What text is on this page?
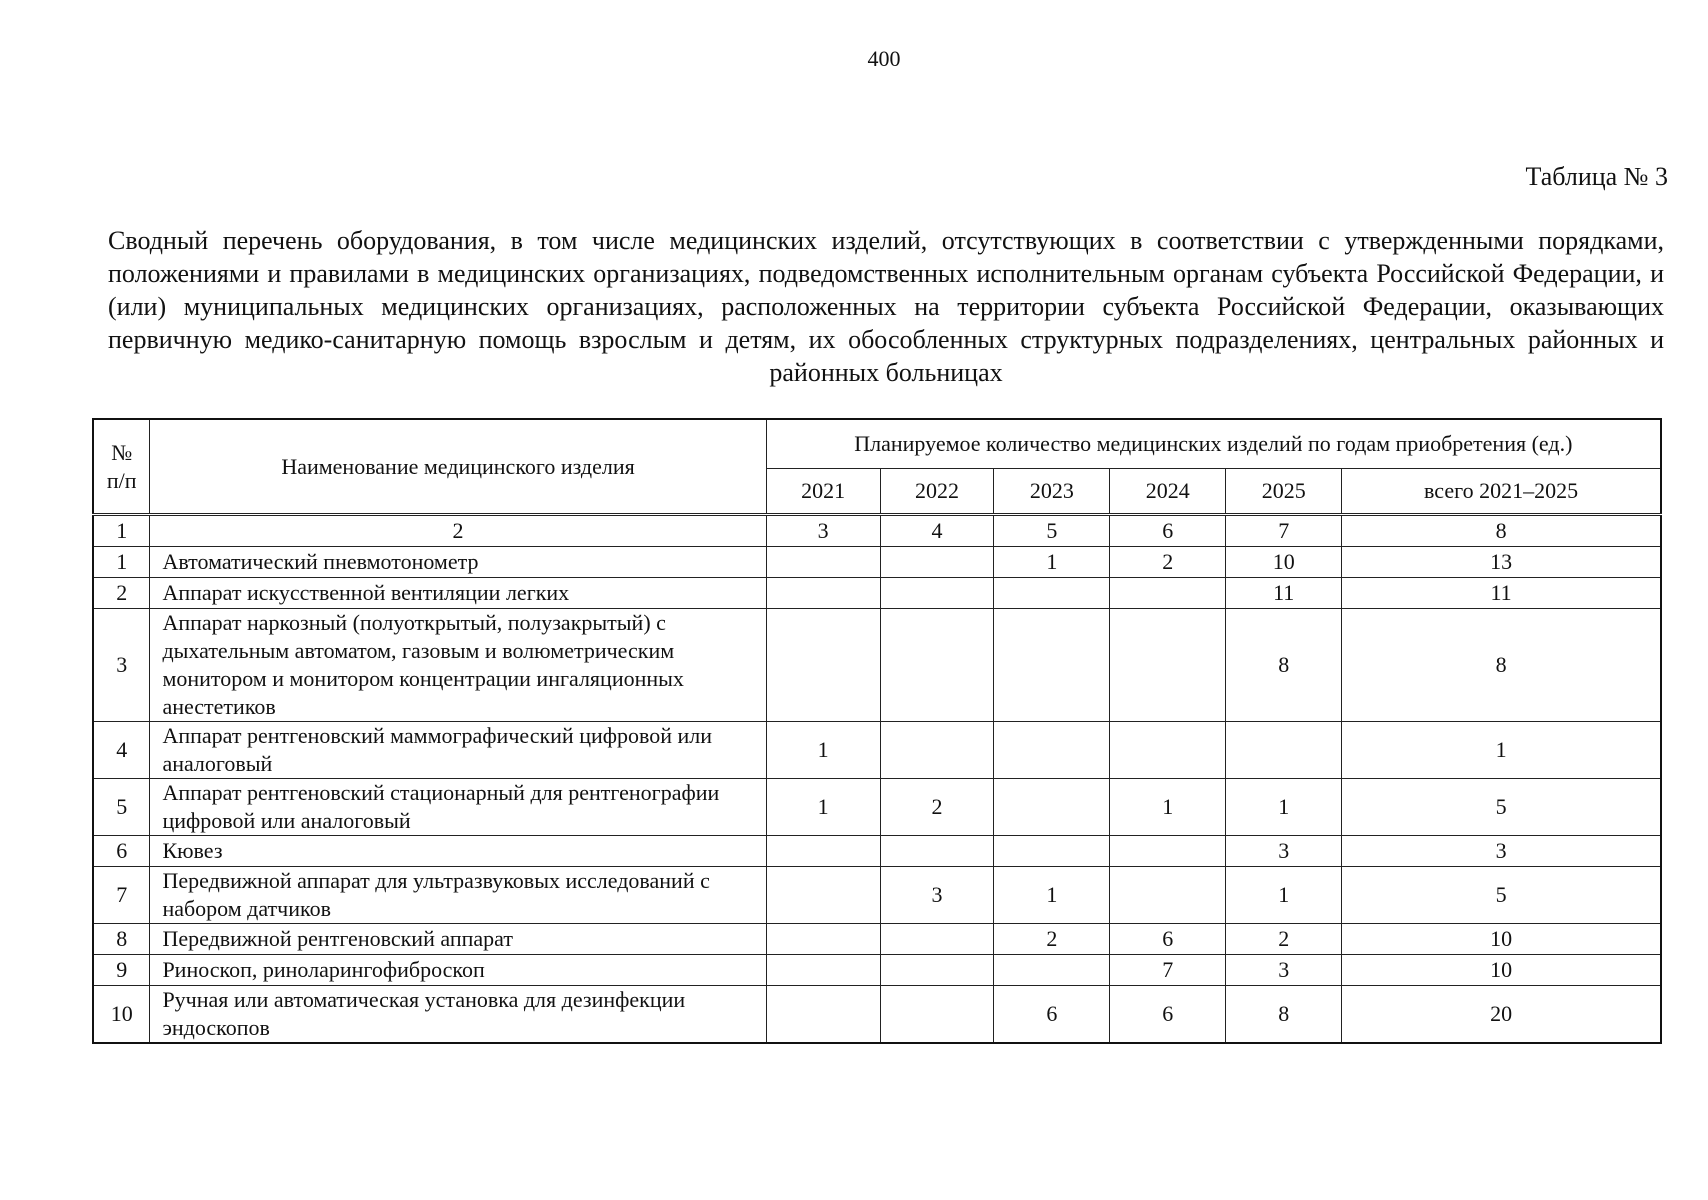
400
Таблица № 3
Сводный перечень оборудования, в том числе медицинских изделий, отсутствующих в соответствии с утвержденными порядками, положениями и правилами в медицинских организациях, подведомственных исполнительным органам субъекта Российской Федерации, и (или) муниципальных медицинских организациях, расположенных на территории субъекта Российской Федерации, оказывающих первичную медико-санитарную помощь взрослым и детям, их обособленных структурных подразделениях, центральных районных и районных больницах
№ п/п	Наименование медицинского изделия	Планируемое количество медицинских изделий по годам приобретения (ед.)					
		2021	2022	2023	2024	2025	всего 2021–2025
1	2	3	4	5	6	7	8
1	Автоматический пневмотонометр			1	2	10	13
2	Аппарат искусственной вентиляции легких					11	11
3	Аппарат наркозный (полуоткрытый, полузакрытый) с дыхательным автоматом, газовым и волюметрическим монитором и монитором концентрации ингаляционных анестетиков					8	8
4	Аппарат рентгеновский маммографический цифровой или аналоговый	1					1
5	Аппарат рентгеновский стационарный для рентгенографии цифровой или аналоговый	1	2		1	1	5
6	Кювез					3	3
7	Передвижной аппарат для ультразвуковых исследований с набором датчиков		3	1		1	5
8	Передвижной рентгеновский аппарат			2	6	2	10
9	Риноскоп, риноларингофиброскоп				7	3	10
10	Ручная или автоматическая установка для дезинфекции эндоскопов			6	6	8	20
